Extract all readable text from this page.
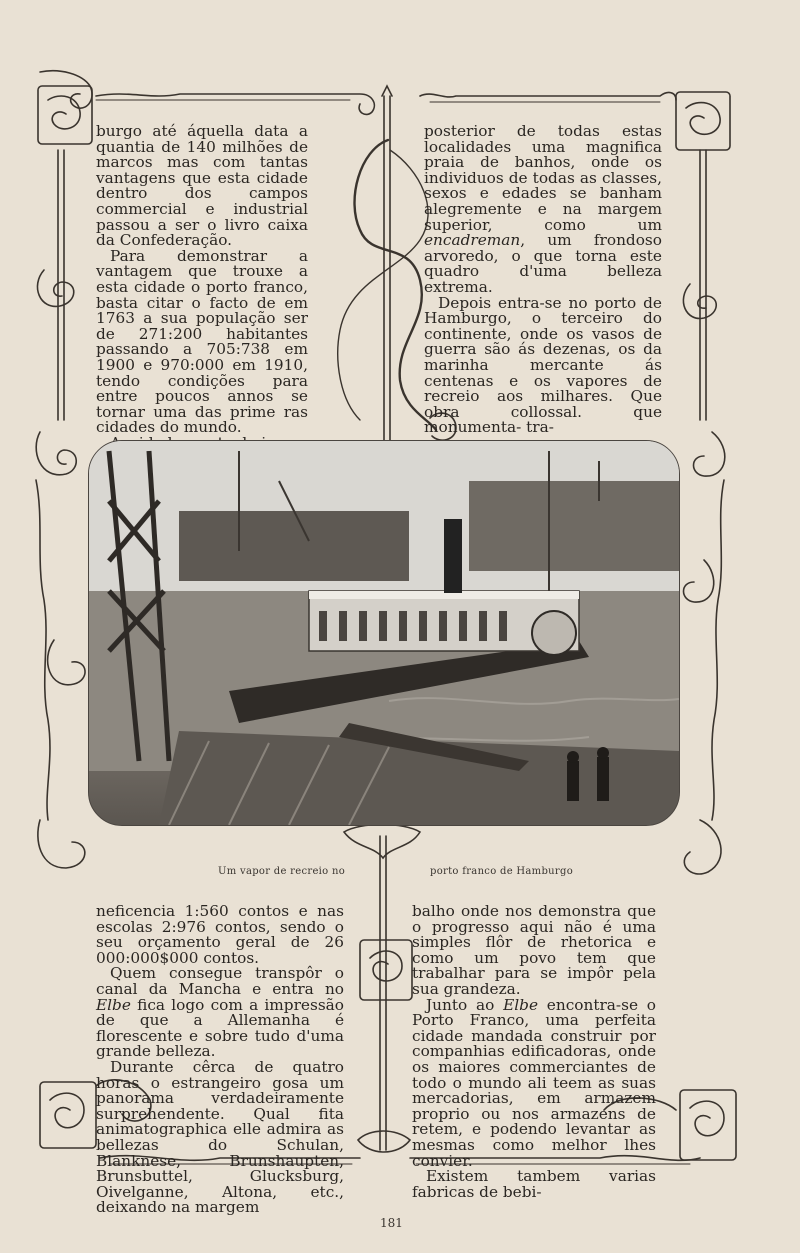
burgo até áquella data a quantia de 140 milhões de marcos mas com tantas vantagens que esta cidade dentro dos campos commercial e industrial passou a ser o livro caixa da Confederação.

Para demonstrar a vantagem que trouxe a esta cidade o porto franco, basta citar o facto de em 1763 a sua população ser de 271:200 habitantes passando a 705:738 em 1900 e 970:000 em 1910, tendo condições para entre poucos annos se tornar uma das prime ras cidades do mundo.

posterior de todas estas localidades uma magnifica praia de banhos, onde os individuos de todas as classes, sexos e edades se banham alegremente e na margem superior, como um encadreman, um frondoso arvoredo, o que torna este quadro d'uma belleza extrema.

Depois entra-se no porto de Hamburgo, o terceiro do continente, onde os vasos de guerra são ás dezenas, os da marinha mercante ás centenas e os vapores de recreio aos milhares. Que obra collossal. que monumenta- tra-

Um vapor de recreio no	porto franco de Hamburgo

neficencia 1:560 contos e nas escolas 2:976 contos, sendo o seu orçamento geral de 26 000:000$000 contos.

Quem consegue transpôr o canal da Mancha e entra no Elbe fica logo com a impressão de que a Allemanha é florescente e sobre tudo d'uma grande belleza.

Durante cêrca de quatro horas o estrangeiro gosa um panorama verdadeiramente surprehendente. Qual fita animatographica elle admira as bellezas do Schulan, Blanknese, Brunshaupten, Brunsbuttel, Glucksburg, Oivelganne, Altona, etc., deixando na margem

balho onde nos demonstra que o progresso aqui não é uma simples flôr de rhetorica e como um povo tem que trabalhar para se impôr pela sua grandeza.

Junto ao Elbe encontra-se o Porto Franco, uma perfeita cidade mandada construir por companhias edificadoras, onde os maiores commerciantes de todo o mundo ali teem as suas mercadorias, em armazem proprio ou nos armazens de retem, e podendo levantar as mesmas como melhor lhes convier.

Existem tambem varias fabricas de bebi-

181
